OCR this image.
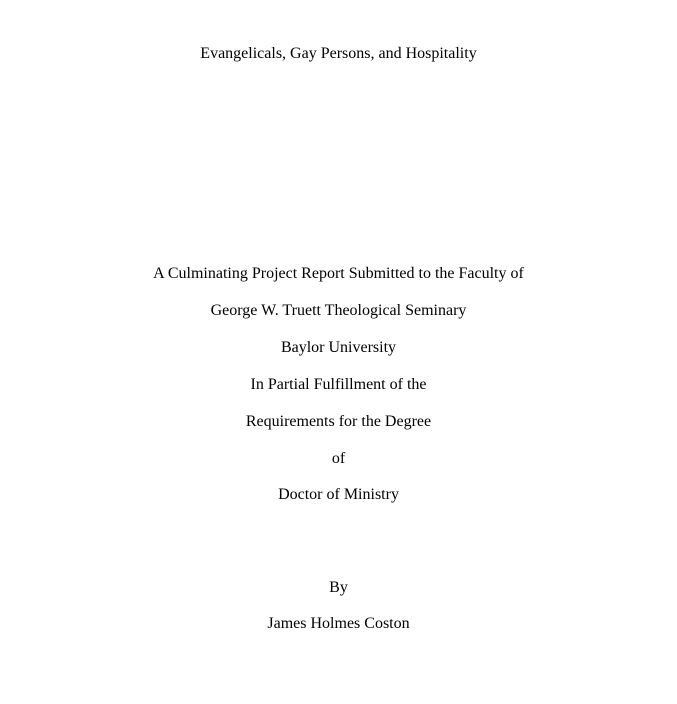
Evangelicals, Gay Persons, and Hospitality
A Culminating Project Report Submitted to the Faculty of
George W. Truett Theological Seminary
Baylor University
In Partial Fulfillment of the
Requirements for the Degree
of
Doctor of Ministry
By
James Holmes Coston
